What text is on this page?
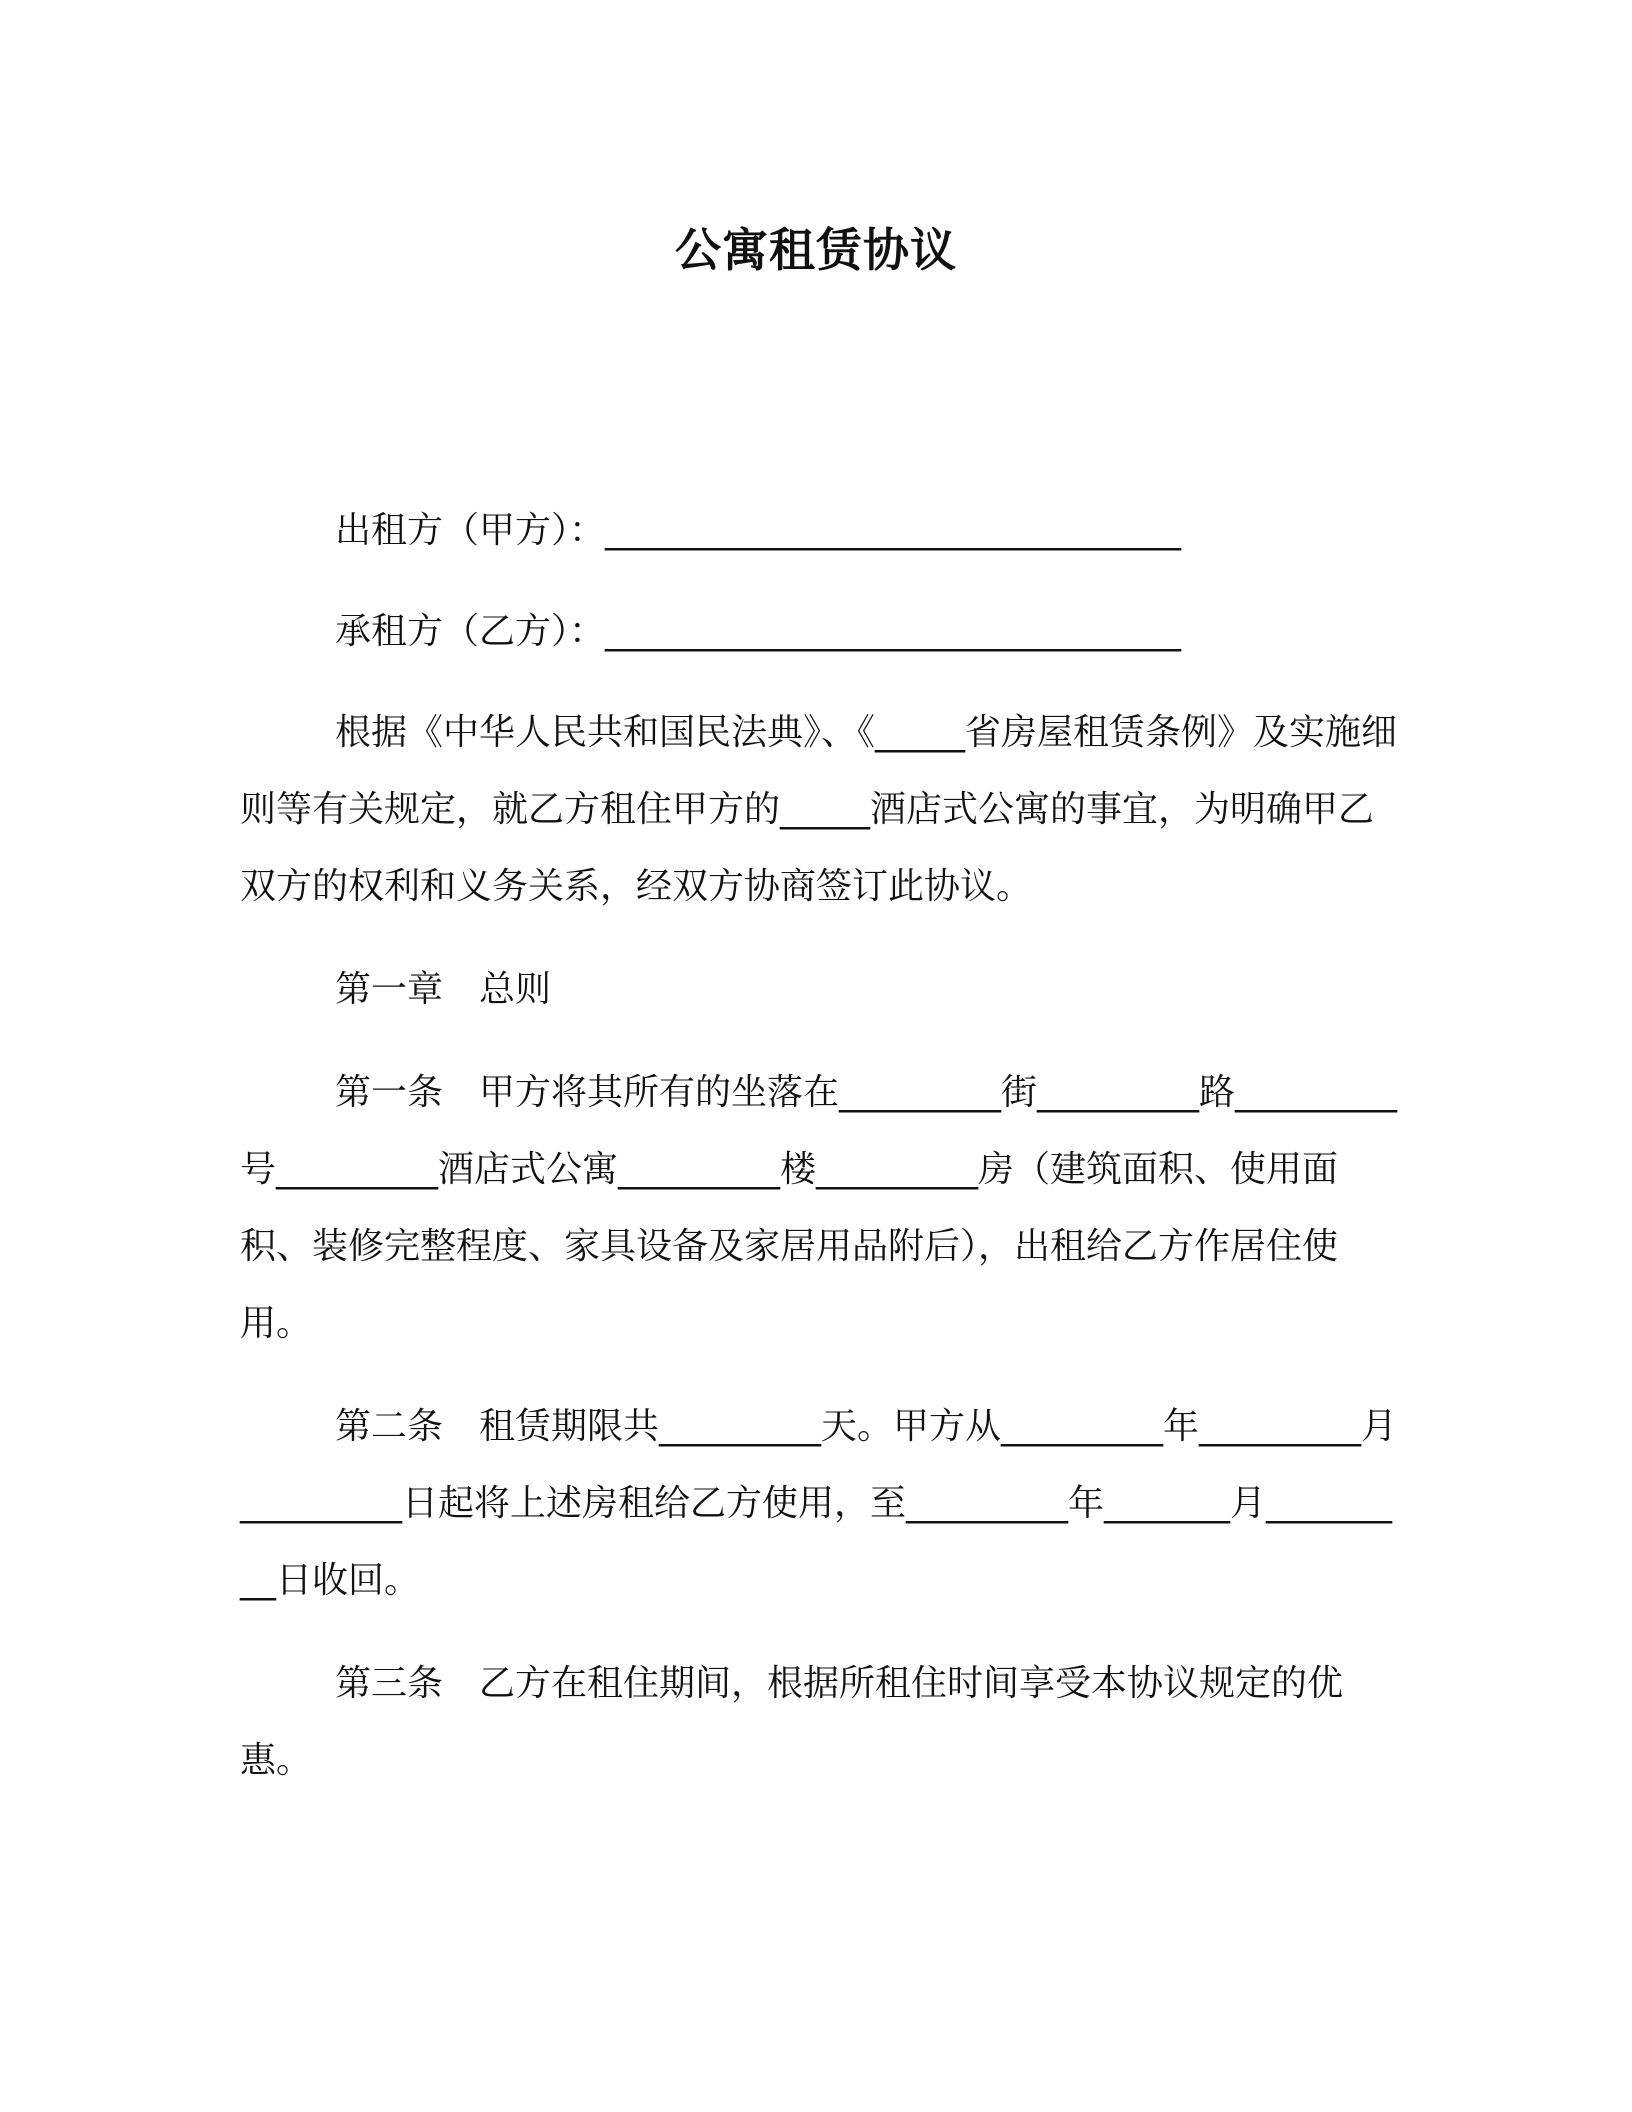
公寓租赁协议

出租方（甲方）：________________________________

承租方（乙方）：________________________________

根据《中华人民共和国民法典》、《_____省房屋租赁条例》及实施细则等有关规定，就乙方租住甲方的_____酒店式公寓的事宜，为明确甲乙双方的权利和义务关系，经双方协商签订此协议。

第一章　总则

第一条　甲方将其所有的坐落在_________街_________路_________号_________酒店式公寓_________楼_________房（建筑面积、使用面积、装修完整程度、家具设备及家居用品附后），出租给乙方作居住使用。

第二条　租赁期限共_________天。甲方从_________年_________月_________日起将上述房租给乙方使用，至_________年_______月_________日收回。

第三条　乙方在租住期间，根据所租住时间享受本协议规定的优惠。
